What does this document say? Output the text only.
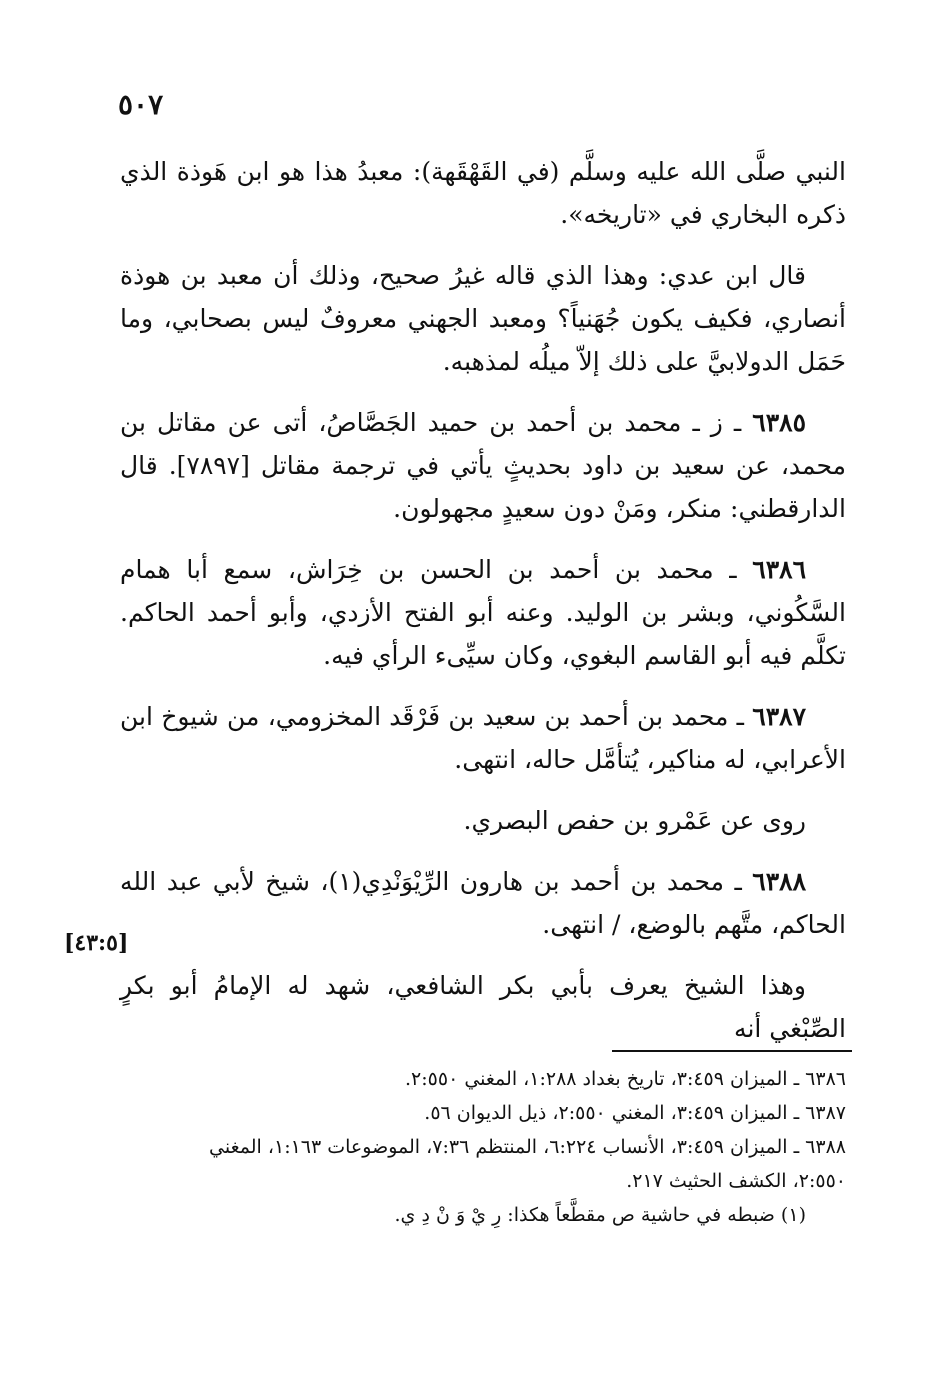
٥٠٧

النبي صلَّى الله عليه وسلَّم (في القَهْقَهة): معبدُ هذا هو ابن هَوذة الذي ذكره البخاري في «تاريخه».

قال ابن عدي: وهذا الذي قاله غيرُ صحيح، وذلك أن معبد بن هوذة أنصاري، فكيف يكون جُهَنياً؟ ومعبد الجهني معروفٌ ليس بصحابي، وما حَمَل الدولابيَّ على ذلك إلاّ ميلُه لمذهبه.

٦٣٨٥ ـ ز ـ محمد بن أحمد بن حميد الجَصَّاصُ، أتى عن مقاتل بن محمد، عن سعيد بن داود بحديثٍ يأتي في ترجمة مقاتل [٧٨٩٧]. قال الدارقطني: منكر، ومَنْ دون سعيدٍ مجهولون.

٦٣٨٦ ـ محمد بن أحمد بن الحسن بن خِرَاش، سمع أبا همام السَّكُوني، وبشر بن الوليد. وعنه أبو الفتح الأزدي، وأبو أحمد الحاكم. تكلَّم فيه أبو القاسم البغوي، وكان سيِّىء الرأي فيه.

٦٣٨٧ ـ محمد بن أحمد بن سعيد بن فَرْقَد المخزومي، من شيوخ ابن الأعرابي، له مناكير، يُتأمَّل حاله، انتهى.

روى عن عَمْرو بن حفص البصري.

٦٣٨٨ ـ محمد بن أحمد بن هارون الرِّيْوَنْدِي(١)، شيخ لأبي عبد الله الحاكم، متَّهم بالوضع، / انتهى.

وهذا الشيخ يعرف بأبي بكر الشافعي، شهد له الإمامُ أبو بكرٍ الصِّبْغي أنه

[٤٣:٥]

٦٣٨٦ ـ الميزان ٣:٤٥٩، تاريخ بغداد ١:٢٨٨، المغني ٢:٥٥٠.

٦٣٨٧ ـ الميزان ٣:٤٥٩، المغني ٢:٥٥٠، ذيل الديوان ٥٦.

٦٣٨٨ ـ الميزان ٣:٤٥٩، الأنساب ٦:٢٢٤، المنتظم ٧:٣٦، الموضوعات ١:١٦٣، المغني ٢:٥٥٠، الكشف الحثيث ٢١٧.

(١) ضبطه في حاشية ص مقطَّعاً هكذا: رِ يْ وَ نْ دِ ي.
